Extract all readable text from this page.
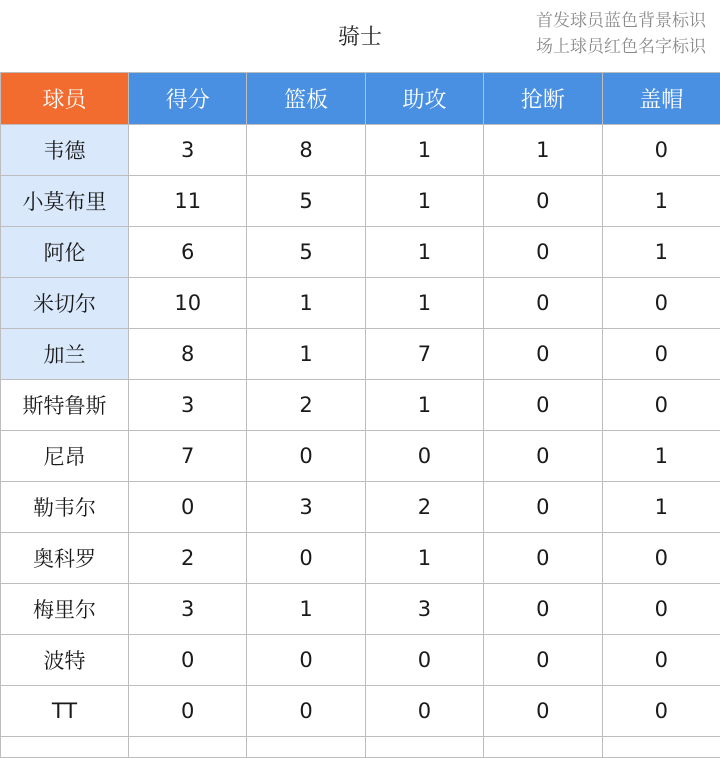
骑士
首发球员蓝色背景标识
场上球员红色名字标识
球员	得分	篮板	助攻	抢断	盖帽
韦德	3	8	1	1	0
小莫布里	11	5	1	0	1
阿伦	6	5	1	0	1
米切尔	10	1	1	0	0
加兰	8	1	7	0	0
斯特鲁斯	3	2	1	0	0
尼昂	7	0	0	0	1
勒韦尔	0	3	2	0	1
奥科罗	2	0	1	0	0
梅里尔	3	1	3	0	0
波特	0	0	0	0	0
TT	0	0	0	0	0
